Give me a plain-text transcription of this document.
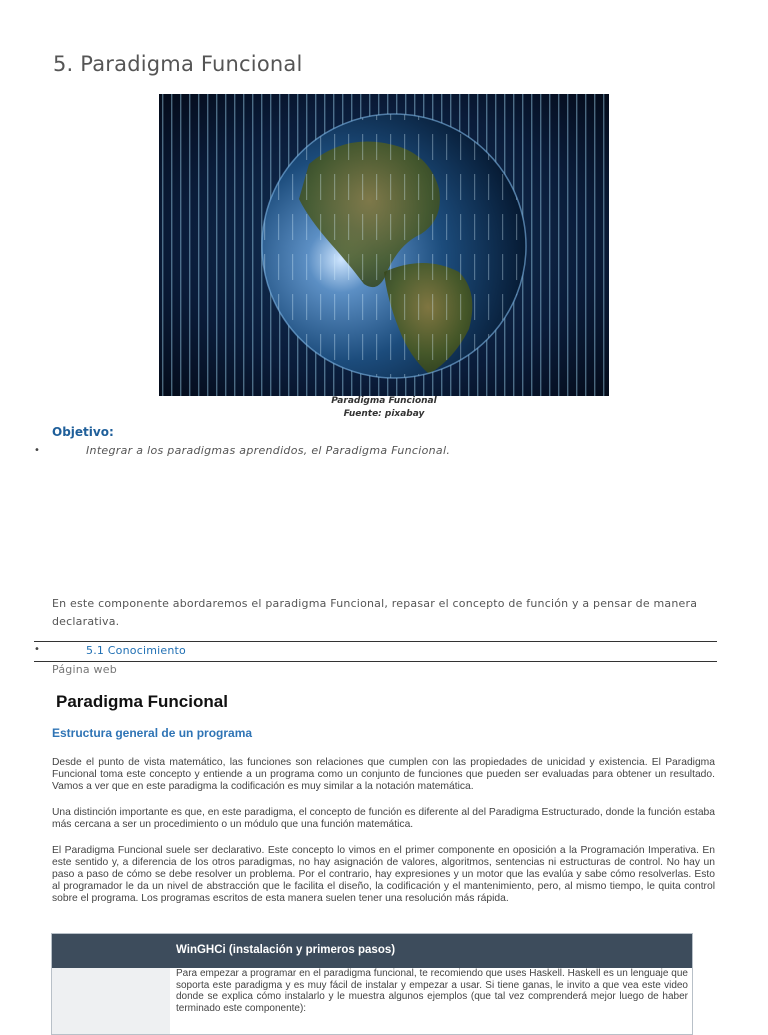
5. Paradigma Funcional
Paradigma Funcional
Fuente: pixabay
Objetivo:
•	Integrar a los paradigmas aprendidos, el Paradigma Funcional.
En este componente abordaremos el paradigma Funcional, repasar el concepto de función y a pensar de manera declarativa.
•	5.1 Conocimiento
Página web
Paradigma Funcional
Estructura general de un programa
Desde el punto de vista matemático, las funciones son relaciones que cumplen con las propiedades de unicidad y existencia. El Paradigma Funcional toma este concepto y entiende a un programa como un conjunto de funciones que pueden ser evaluadas para obtener un resultado. Vamos a ver que en este paradigma la codificación es muy similar a la notación matemática.
Una distinción importante es que, en este paradigma, el concepto de función es diferente al del Paradigma Estructurado, donde la función estaba más cercana a ser un procedimiento o un módulo que una función matemática.
El Paradigma Funcional suele ser declarativo. Este concepto lo vimos en el primer componente en oposición a la Programación Imperativa. En este sentido y, a diferencia de los otros paradigmas, no hay asignación de valores, algoritmos, sentencias ni estructuras de control. No hay un paso a paso de cómo se debe resolver un problema. Por el contrario, hay expresiones y un motor que las evalúa y sabe cómo resolverlas. Esto al programador le da un nivel de abstracción que le facilita el diseño, la codificación y el mantenimiento, pero, al mismo tiempo, le quita control sobre el programa. Los programas escritos de esta manera suelen tener una resolución más rápida.
WinGHCi (instalación y primeros pasos)
Para empezar a programar en el paradigma funcional, te recomiendo que uses Haskell. Haskell es un lenguaje que soporta este paradigma y es muy fácil de instalar y empezar a usar. Si tiene ganas, le invito a que vea este video donde se explica cómo instalarlo y le muestra algunos ejemplos (que tal vez comprenderá mejor luego de haber terminado este componente):
